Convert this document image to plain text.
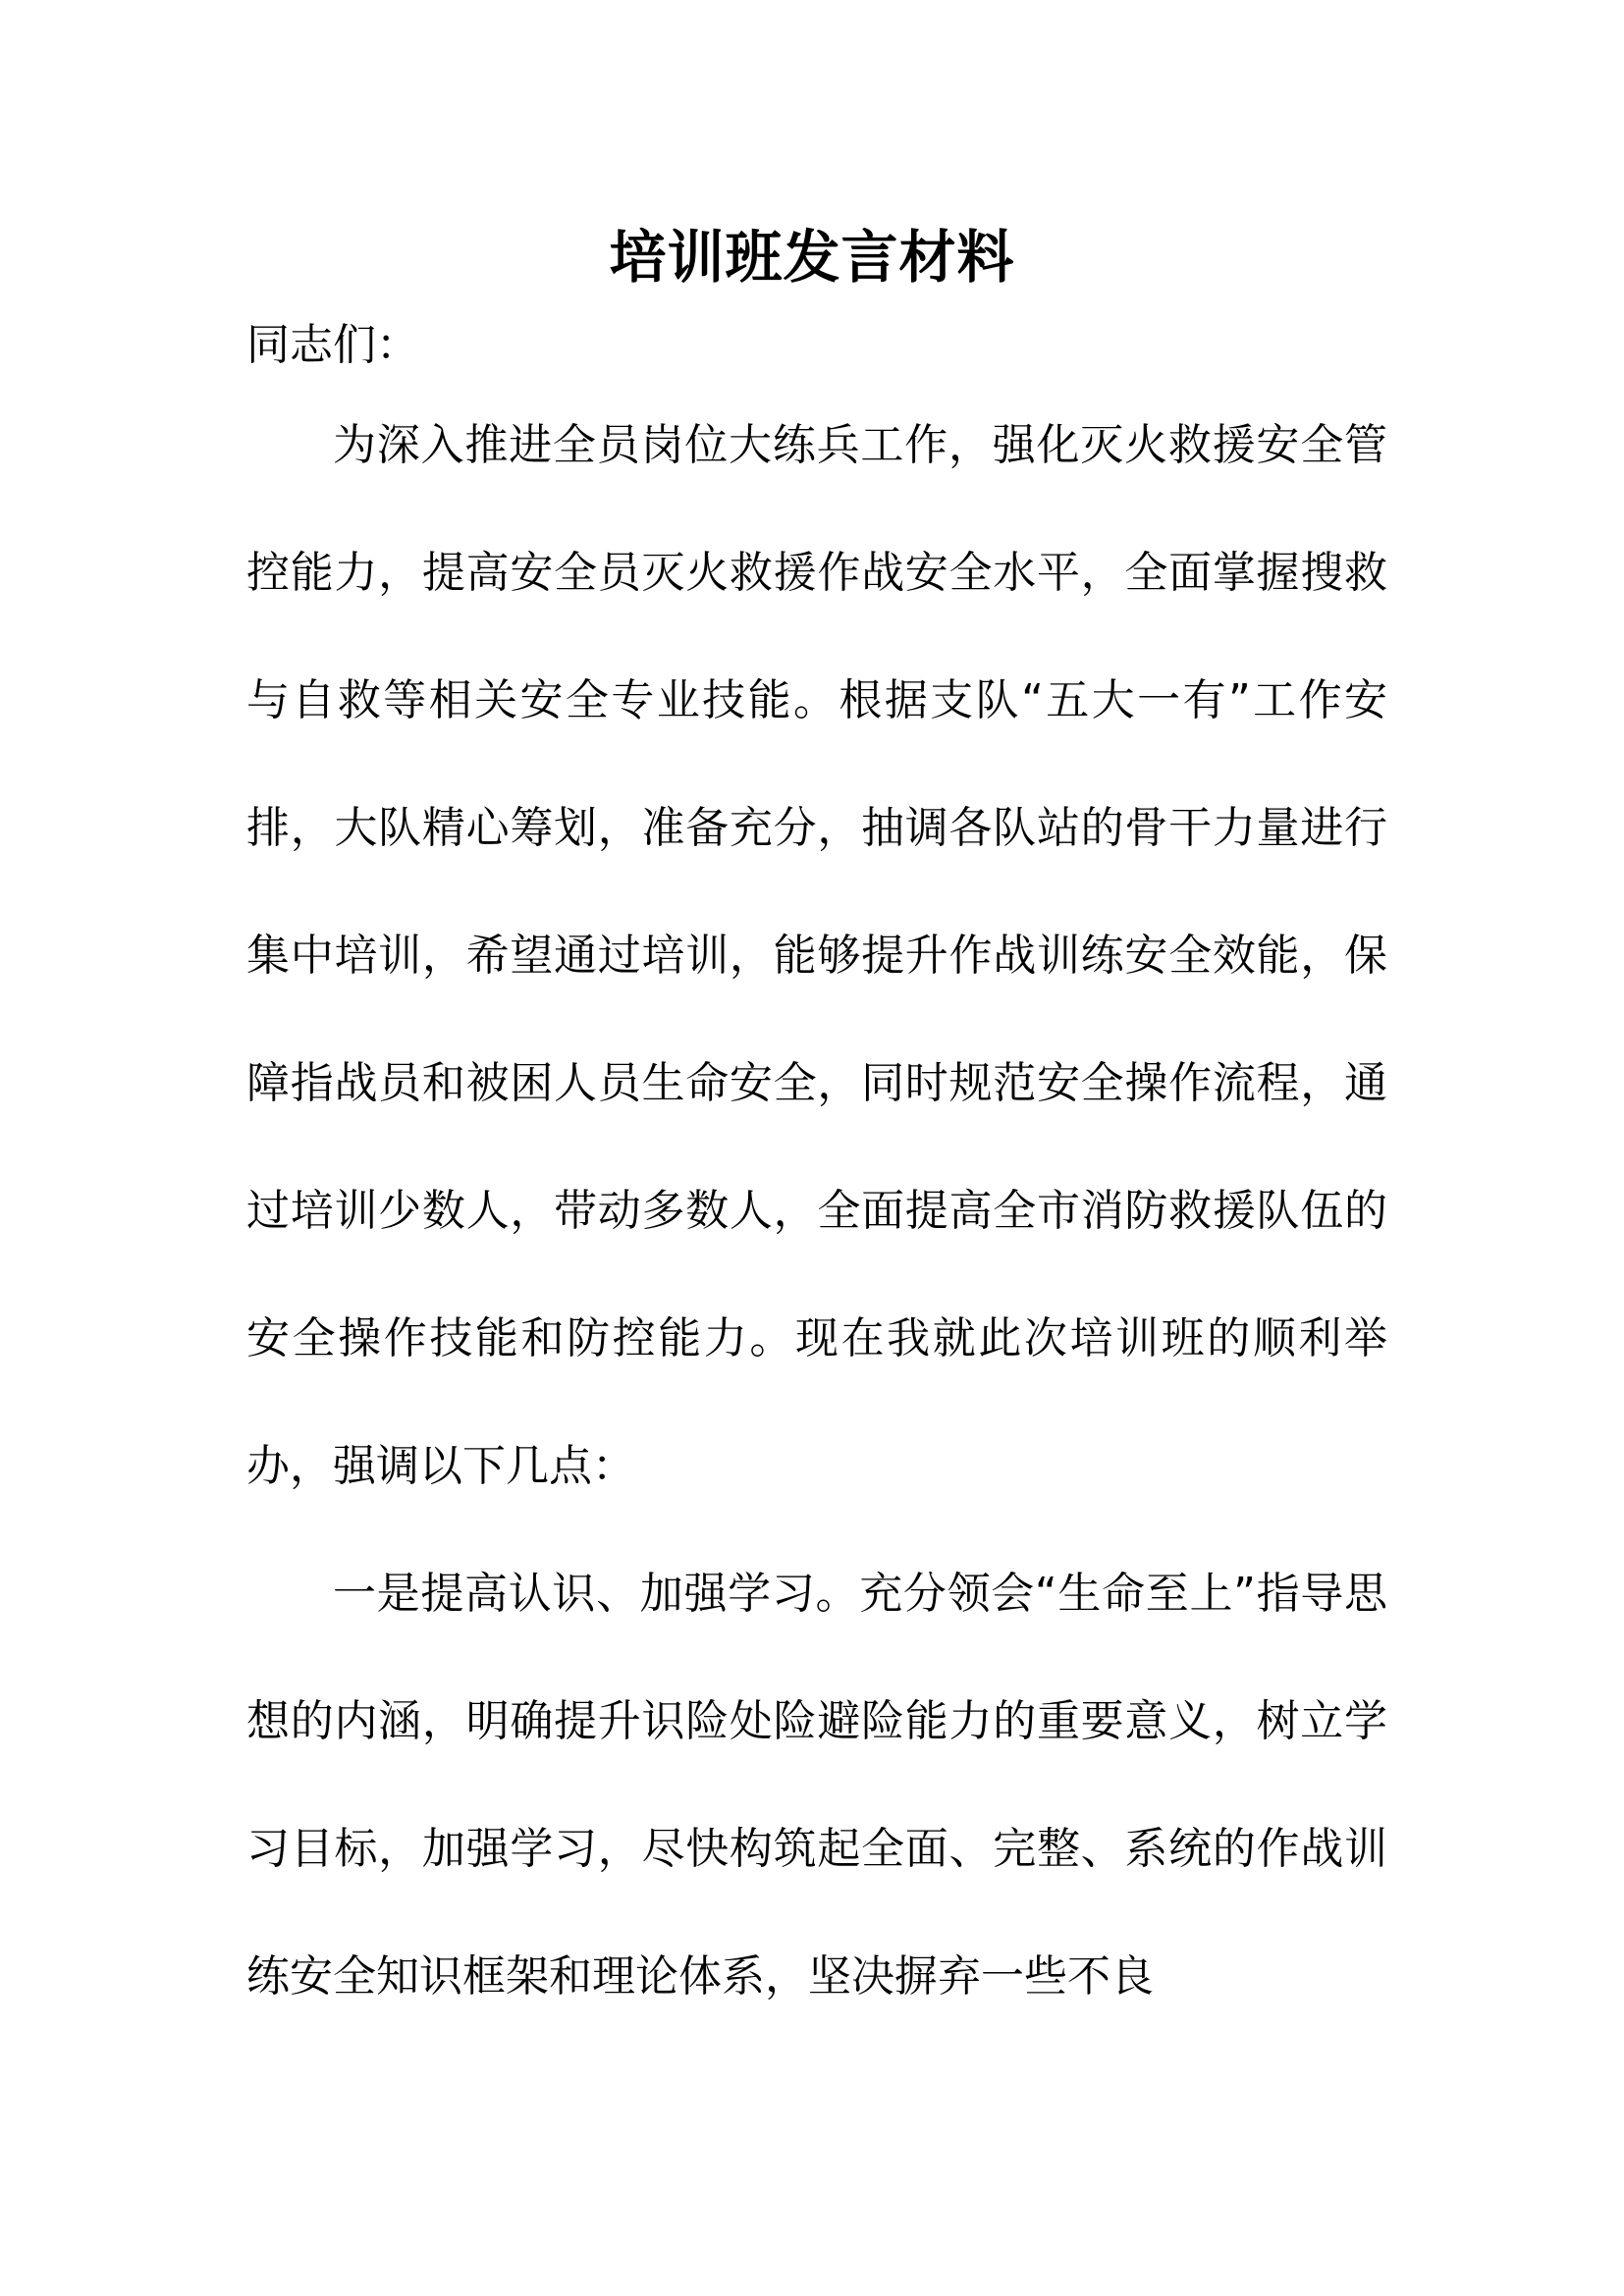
培训班发言材料

同志们：

为深入推进全员岗位大练兵工作，强化灭火救援安全管控能力，提高安全员灭火救援作战安全水平，全面掌握搜救与自救等相关安全专业技能。根据支队“五大一有”工作安排，大队精心筹划，准备充分，抽调各队站的骨干力量进行集中培训，希望通过培训，能够提升作战训练安全效能，保障指战员和被困人员生命安全，同时规范安全操作流程，通过培训少数人，带动多数人，全面提高全市消防救援队伍的安全操作技能和防控能力。现在我就此次培训班的顺利举办，强调以下几点：

一是提高认识、加强学习。充分领会“生命至上”指导思想的内涵，明确提升识险处险避险能力的重要意义，树立学习目标，加强学习，尽快构筑起全面、完整、系统的作战训练安全知识框架和理论体系，坚决摒弃一些不良
